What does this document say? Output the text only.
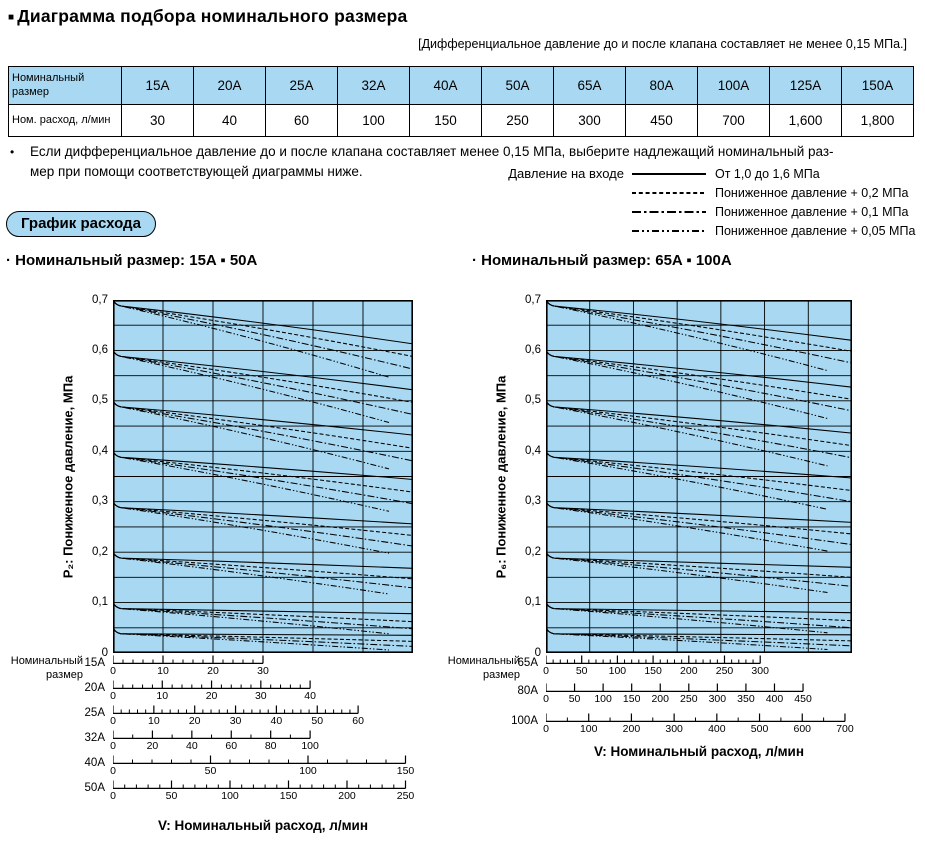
■ Диаграмма подбора номинального размера
[Дифференциальное давление до и после клапана составляет не менее 0,15 МПа.]
Номинальный размер	15A	20A	25A	32A	40A	50A	65A	80A	100A	125A	150A
Ном. расход, л/мин	30	40	60	100	150	250	300	450	700	1,600	1,800
•	Если дифференциальное давление до и после клапана составляет менее 0,15 МПа, выберите надлежащий номинальный раз-
мер при помощи соответствующей диаграммы ниже.	Давление на входе	От 1,0 до 1,6 МПа
Пониженное давление + 0,2 МПа
Пониженное давление + 0,1 МПа
Пониженное давление + 0,05 МПа
График расхода
· Номинальный размер: 15A ▪ 50A	· Номинальный размер: 65A ▪ 100A
P₂: Пониженное давление, МПа
0,7
0,6
0,5
0,4
0,3
0,2
0,1
0
Номинальный размер
15A
0	10	20	30
20A
0	10	20	30	40
25A
0	10	20	30	40	50	60
32A
0	20	40	60	80	100
40A
0	50	100	150
50A
0	50	100	150	200	250
V: Номинальный расход, л/мин
P₆: Пониженное давление, МПа
0,7
0,6
0,5
0,4
0,3
0,2
0,1
0
Номинальный размер
65A
0	50	100	150	200	250	300
80A
0	50	100	150	200	250	300	350	400	450
100A
0	100	200	300	400	500	600	700
V: Номинальный расход, л/мин
